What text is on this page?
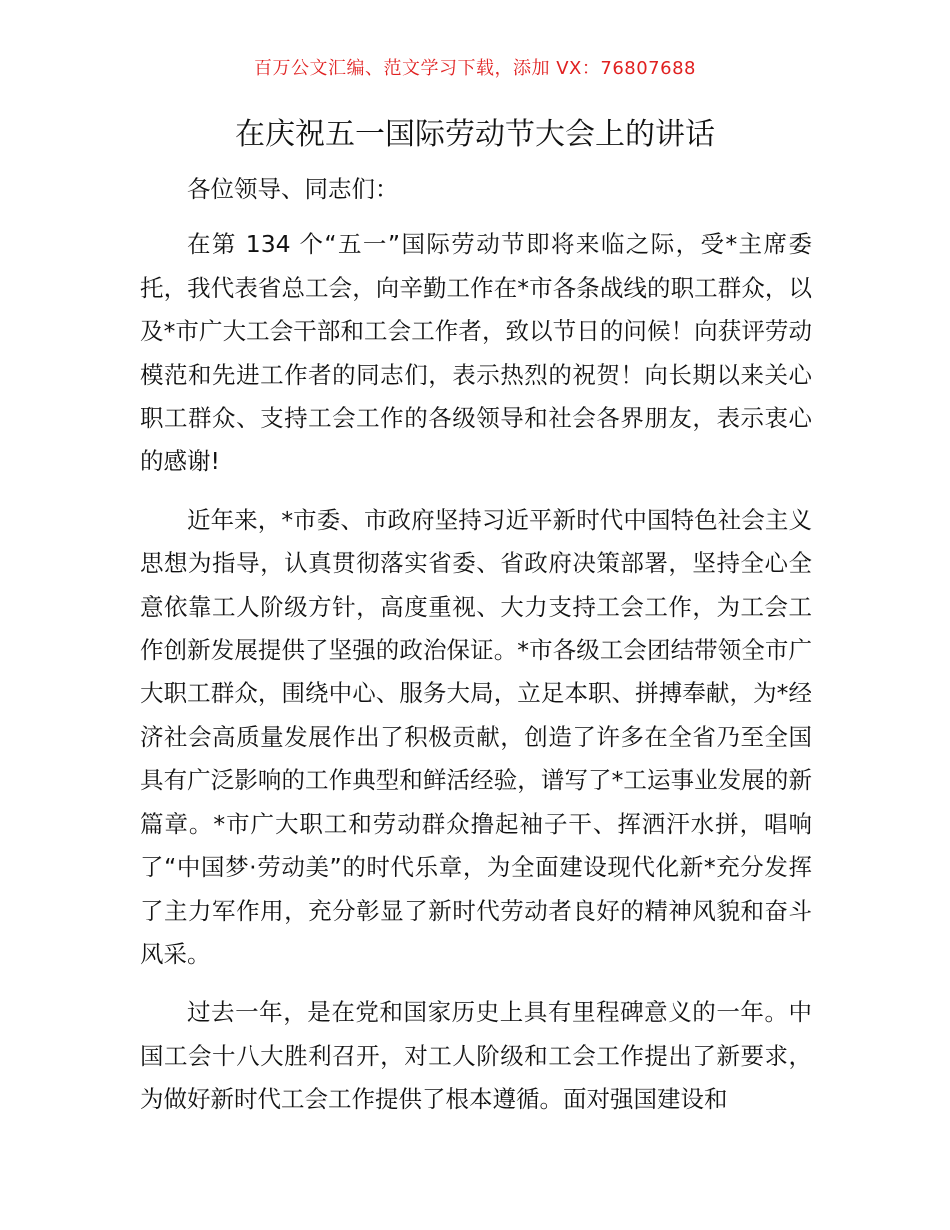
百万公文汇编、范文学习下载，添加 VX：76807688
在庆祝五一国际劳动节大会上的讲话

各位领导、同志们：

在第 134 个“五一”国际劳动节即将来临之际，受*主席委托，我代表省总工会，向辛勤工作在*市各条战线的职工群众，以及*市广大工会干部和工会工作者，致以节日的问候！向获评劳动模范和先进工作者的同志们，表示热烈的祝贺！向长期以来关心职工群众、支持工会工作的各级领导和社会各界朋友，表示衷心的感谢!

近年来，*市委、市政府坚持习近平新时代中国特色社会主义思想为指导，认真贯彻落实省委、省政府决策部署，坚持全心全意依靠工人阶级方针，高度重视、大力支持工会工作，为工会工作创新发展提供了坚强的政治保证。*市各级工会团结带领全市广大职工群众，围绕中心、服务大局，立足本职、拼搏奉献，为*经济社会高质量发展作出了积极贡献，创造了许多在全省乃至全国具有广泛影响的工作典型和鲜活经验，谱写了*工运事业发展的新篇章。*市广大职工和劳动群众撸起袖子干、挥洒汗水拼，唱响了“中国梦·劳动美”的时代乐章，为全面建设现代化新*充分发挥了主力军作用，充分彰显了新时代劳动者良好的精神风貌和奋斗风采。

过去一年，是在党和国家历史上具有里程碑意义的一年。中国工会十八大胜利召开，对工人阶级和工会工作提出了新要求，为做好新时代工会工作提供了根本遵循。面对强国建设和
